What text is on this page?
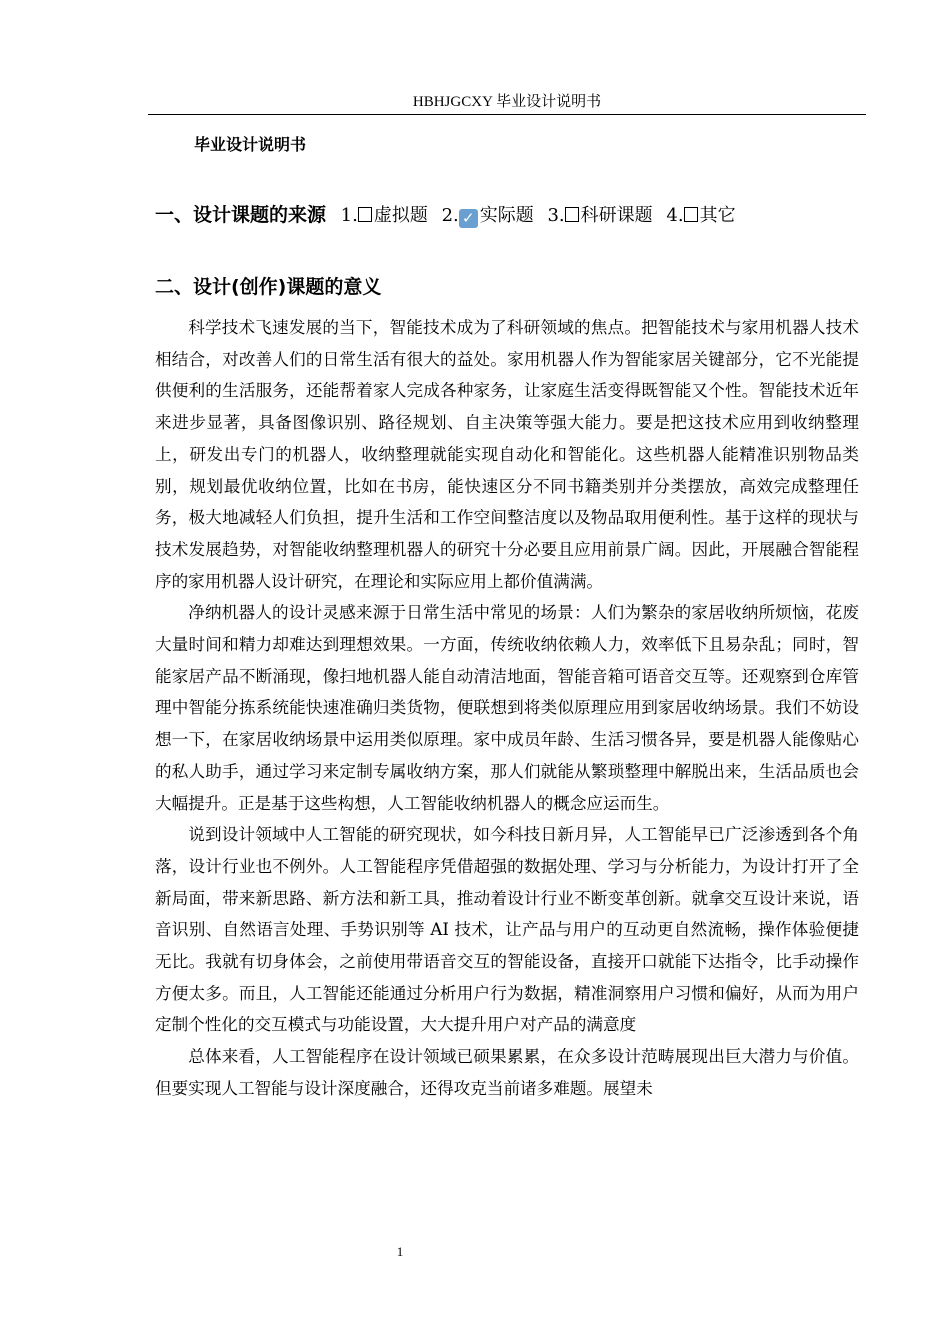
HBHJGCXY 毕业设计说明书
毕业设计说明书
一、设计课题的来源 1. 虚拟题 2. ✓ 实际题 3. 科研课题 4. 其它
二、设计(创作)课题的意义

科学技术飞速发展的当下，智能技术成为了科研领域的焦点。把智能技术与家用机器人技术相结合，对改善人们的日常生活有很大的益处。家用机器人作为智能家居关键部分，它不光能提供便利的生活服务，还能帮着家人完成各种家务，让家庭生活变得既智能又个性。智能技术近年来进步显著，具备图像识别、路径规划、自主决策等强大能力。要是把这技术应用到收纳整理上，研发出专门的机器人，收纳整理就能实现自动化和智能化。这些机器人能精准识别物品类别，规划最优收纳位置，比如在书房，能快速区分不同书籍类别并分类摆放，高效完成整理任务，极大地减轻人们负担，提升生活和工作空间整洁度以及物品取用便利性。基于这样的现状与技术发展趋势，对智能收纳整理机器人的研究十分必要且应用前景广阔。因此，开展融合智能程序的家用机器人设计研究，在理论和实际应用上都价值满满。

净纳机器人的设计灵感来源于日常生活中常见的场景：人们为繁杂的家居收纳所烦恼，花废大量时间和精力却难达到理想效果。一方面，传统收纳依赖人力，效率低下且易杂乱；同时，智能家居产品不断涌现，像扫地机器人能自动清洁地面，智能音箱可语音交互等。还观察到仓库管理中智能分拣系统能快速准确归类货物，便联想到将类似原理应用到家居收纳场景。我们不妨设想一下，在家居收纳场景中运用类似原理。家中成员年龄、生活习惯各异，要是机器人能像贴心的私人助手，通过学习来定制专属收纳方案，那人们就能从繁琐整理中解脱出来，生活品质也会大幅提升。正是基于这些构想，人工智能收纳机器人的概念应运而生。

说到设计领域中人工智能的研究现状，如今科技日新月异，人工智能早已广泛渗透到各个角落，设计行业也不例外。人工智能程序凭借超强的数据处理、学习与分析能力，为设计打开了全新局面，带来新思路、新方法和新工具，推动着设计行业不断变革创新。就拿交互设计来说，语音识别、自然语言处理、手势识别等 AI 技术，让产品与用户的互动更自然流畅，操作体验便捷无比。我就有切身体会，之前使用带语音交互的智能设备，直接开口就能下达指令，比手动操作方便太多。而且，人工智能还能通过分析用户行为数据，精准洞察用户习惯和偏好，从而为用户定制个性化的交互模式与功能设置，大大提升用户对产品的满意度

总体来看，人工智能程序在设计领域已硕果累累，在众多设计范畴展现出巨大潜力与价值。但要实现人工智能与设计深度融合，还得攻克当前诸多难题。展望未

1
